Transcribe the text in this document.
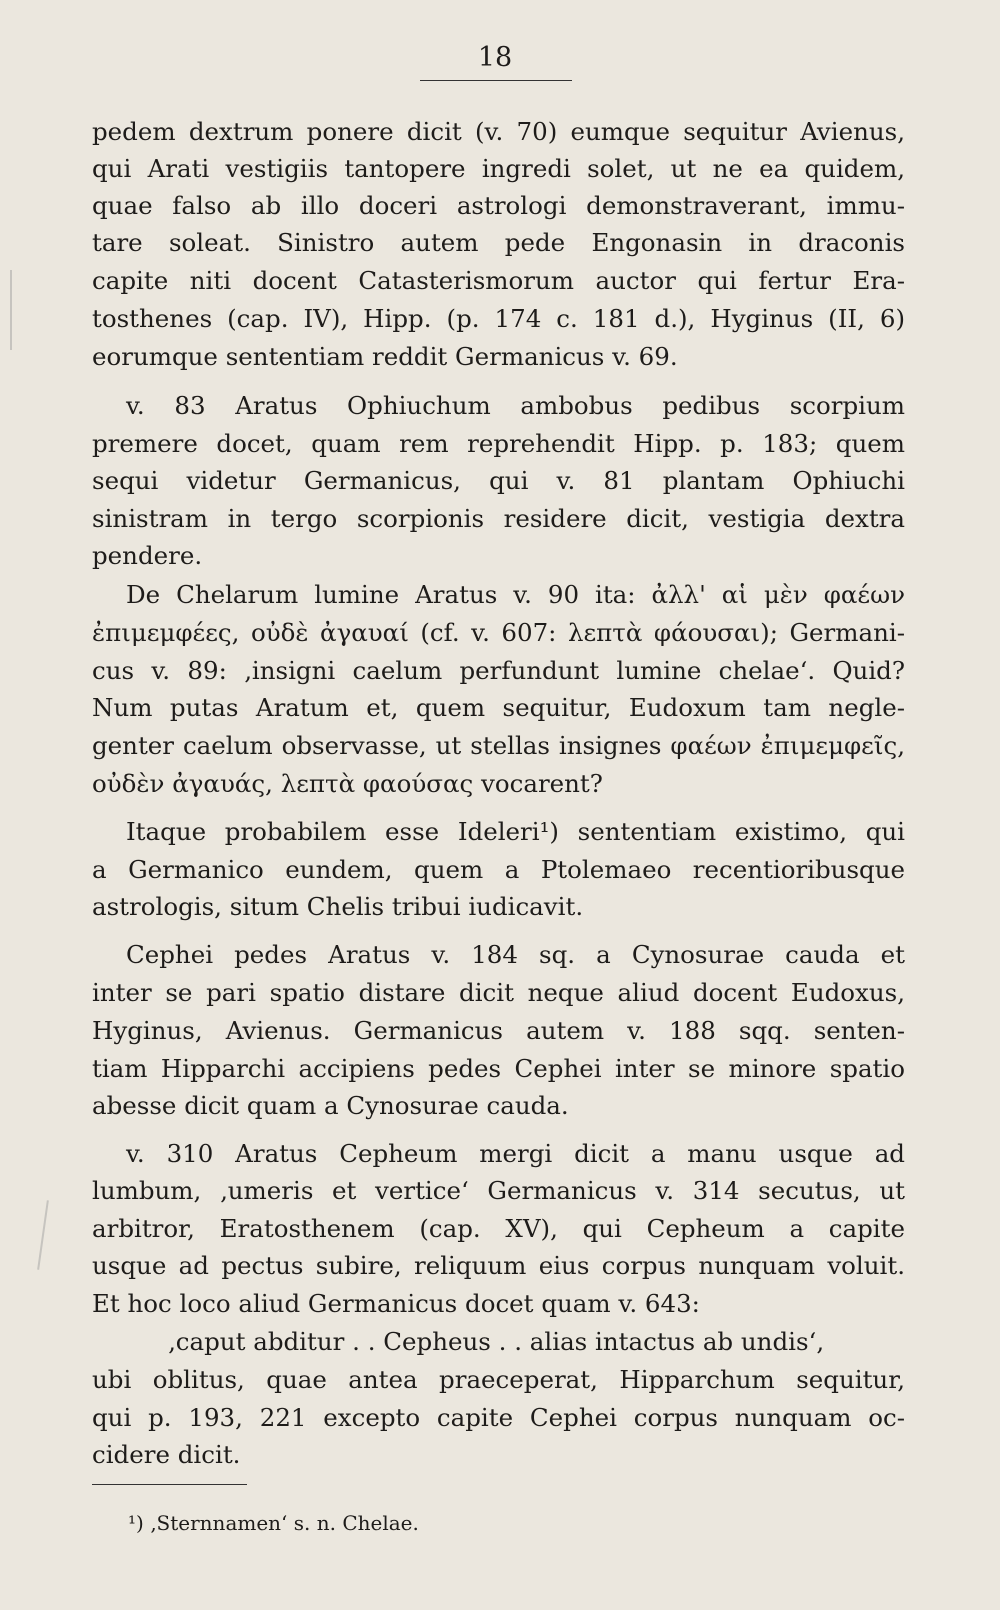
18
pedem dextrum ponere dicit (v. 70) eumque sequitur Avienus,
qui Arati vestigiis tantopere ingredi solet, ut ne ea quidem,
quae falso ab illo doceri astrologi demonstraverant, immu-
tare soleat. Sinistro autem pede Engonasin in draconis
capite niti docent Catasterismorum auctor qui fertur Era-
tosthenes (cap. IV), Hipp. (p. 174 c. 181 d.), Hyginus (II, 6)
eorumque sententiam reddit Germanicus v. 69.
v. 83 Aratus Ophiuchum ambobus pedibus scorpium
premere docet, quam rem reprehendit Hipp. p. 183; quem
sequi videtur Germanicus, qui v. 81 plantam Ophiuchi
sinistram in tergo scorpionis residere dicit, vestigia dextra
pendere.
De Chelarum lumine Aratus v. 90 ita: ἀλλ' αἱ μὲν φαέων
ἐπιμεμφέες, οὐδὲ ἀγαυαί (cf. v. 607: λεπτὰ φάουσαι); Germani-
cus v. 89: ‚insigni caelum perfundunt lumine chelae‘. Quid?
Num putas Aratum et, quem sequitur, Eudoxum tam negle-
genter caelum observasse, ut stellas insignes φαέων ἐπιμεμφεῖς,
οὐδὲν ἀγαυάς, λεπτὰ φαούσας vocarent?
Itaque probabilem esse Ideleri¹) sententiam existimo, qui
a Germanico eundem, quem a Ptolemaeo recentioribusque
astrologis, situm Chelis tribui iudicavit.
Cephei pedes Aratus v. 184 sq. a Cynosurae cauda et
inter se pari spatio distare dicit neque aliud docent Eudoxus,
Hyginus, Avienus. Germanicus autem v. 188 sqq. senten-
tiam Hipparchi accipiens pedes Cephei inter se minore spatio
abesse dicit quam a Cynosurae cauda.
v. 310 Aratus Cepheum mergi dicit a manu usque ad
lumbum, ‚umeris et vertice‘ Germanicus v. 314 secutus, ut
arbitror, Eratosthenem (cap. XV), qui Cepheum a capite
usque ad pectus subire, reliquum eius corpus nunquam voluit.
Et hoc loco aliud Germanicus docet quam v. 643:
‚caput abditur . . Cepheus . . alias intactus ab undis‘,
ubi oblitus, quae antea praeceperat, Hipparchum sequitur,
qui p. 193, 221 excepto capite Cephei corpus nunquam oc-
cidere dicit.
¹) ‚Sternnamen‘ s. n. Chelae.
